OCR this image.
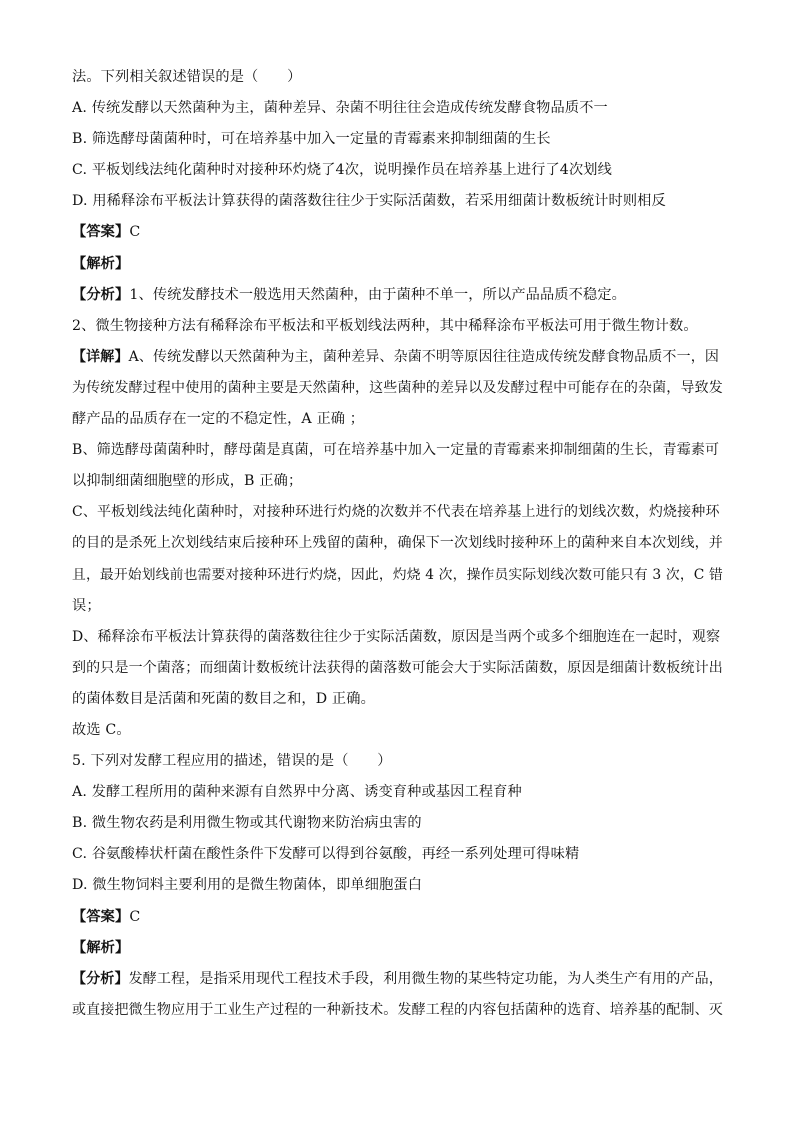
法。下列相关叙述错误的是（　　）
A. 传统发酵以天然菌种为主，菌种差异、杂菌不明往往会造成传统发酵食物品质不一
B. 筛选酵母菌菌种时，可在培养基中加入一定量的青霉素来抑制细菌的生长
C. 平板划线法纯化菌种时对接种环灼烧了4次，说明操作员在培养基上进行了4次划线
D. 用稀释涂布平板法计算获得的菌落数往往少于实际活菌数，若采用细菌计数板统计时则相反
【答案】C
【解析】
【分析】1、传统发酵技术一般选用天然菌种，由于菌种不单一，所以产品品质不稳定。
2、微生物接种方法有稀释涂布平板法和平板划线法两种，其中稀释涂布平板法可用于微生物计数。
【详解】A、传统发酵以天然菌种为主，菌种差异、杂菌不明等原因往往造成传统发酵食物品质不一，因
为传统发酵过程中使用的菌种主要是天然菌种，这些菌种的差异以及发酵过程中可能存在的杂菌，导致发
酵产品的品质存在一定的不稳定性，A 正确 ；
B、筛选酵母菌菌种时，酵母菌是真菌，可在培养基中加入一定量的青霉素来抑制细菌的生长，青霉素可
以抑制细菌细胞壁的形成，B 正确；
C、平板划线法纯化菌种时，对接种环进行灼烧的次数并不代表在培养基上进行的划线次数，灼烧接种环
的目的是杀死上次划线结束后接种环上残留的菌种，确保下一次划线时接种环上的菌种来自本次划线，并
且，最开始划线前也需要对接种环进行灼烧，因此，灼烧 4 次，操作员实际划线次数可能只有 3 次，C 错
误；
D、稀释涂布平板法计算获得的菌落数往往少于实际活菌数，原因是当两个或多个细胞连在一起时，观察
到的只是一个菌落；而细菌计数板统计法获得的菌落数可能会大于实际活菌数，原因是细菌计数板统计出
的菌体数目是活菌和死菌的数目之和，D 正确。
故选 C。
5. 下列对发酵工程应用的描述，错误的是（　　）
A. 发酵工程所用的菌种来源有自然界中分离、诱变育种或基因工程育种
B. 微生物农药是利用微生物或其代谢物来防治病虫害的
C. 谷氨酸棒状杆菌在酸性条件下发酵可以得到谷氨酸，再经一系列处理可得味精
D. 微生物饲料主要利用的是微生物菌体，即单细胞蛋白
【答案】C
【解析】
【分析】发酵工程，是指采用现代工程技术手段，利用微生物的某些特定功能，为人类生产有用的产品，
或直接把微生物应用于工业生产过程的一种新技术。发酵工程的内容包括菌种的选育、培养基的配制、灭
